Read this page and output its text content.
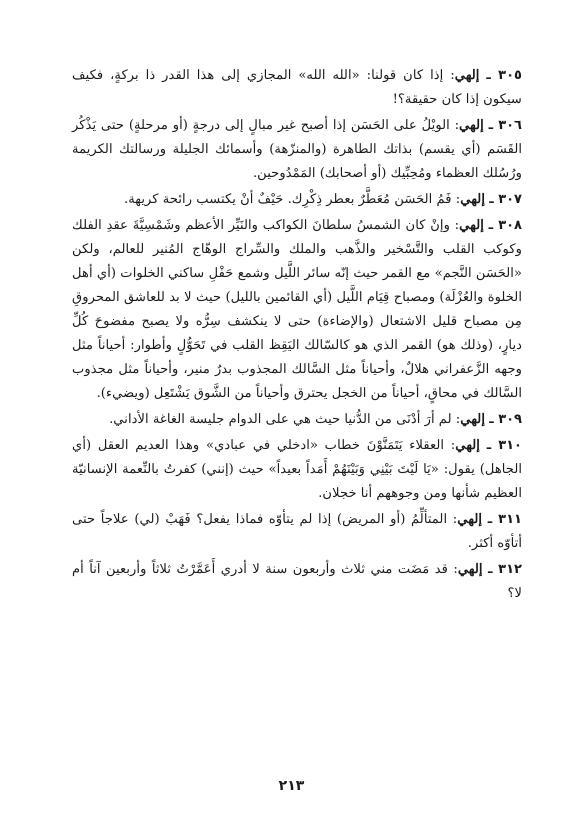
٣٠٥ ـ إلهي: إذا كان قولنا: «الله الله» المجازي إلى هذا القدر ذا بركةٍ، فكيف سيكون إذا كان حقيقة؟!

٣٠٦ ـ إلهي: الويْلُ على الحَسَن إذا أصبح غير مبالٍ إلى درجةٍ (أو مرحلةٍ) حتى يَذْكُر القَسَم (أي يقسم) بذاتك الطاهرة (والمنزّهة) وأسمائك الجليلة ورسالتك الكريمة ورُسُلك العظماء ومُحِبِّيك (أو أصحابك) المَمْدُوحين.

٣٠٧ ـ إلهي: فَمُ الحَسَن مُعَطَّرٌ بعطر ذِكْرِك. حَيْفٌ أنْ يكتسب رائحة كريهة.

٣٠٨ ـ إلهي: وإنْ كان الشمسُ سلطانَ الكواكب والنَيِّر الأعظم وشَمْسِيَّةَ عقدِ الفلك وكوكب القلب والتَّسْخير والذَّهب والملك والسِّراج الوهّاج المُنير للعالم، ولكن «الحَسَن النَّجم» مع القمر حيث إنّه سائر اللَّيل وشمع حَفْلِ ساكني الخلوات (أي أهل الخلوة والعُزْلَة) ومصباح قِيَام اللَّيل (أي القائمين بالليل) حيث لا بد للعاشق المحروقِ مِن مصباح قليل الاشتعال (والإضاءة) حتى لا ينكشف سِرُّه ولا يصبح مفضوحَ كُلِّ ديارٍ، (وذلك هو) القمر الذي هو كالسّالك اليَقِظ القلب في تَحَوُّلٍ وأطوار: أحياناً مثل وجهه الزَّعفراني هلالٌ، وأحياناً مثل السَّالك المجذوب بدرٌ منير، وأحياناً مثل مجذوب السَّالك في محاقٍ، أحياناً من الخجل يحترق وأحياناً من الشَّوق يَشْتَعِل (ويضيء).

٣٠٩ ـ إلهي: لم أرَ أدْنَى من الدُّنيا حيث هي على الدوام جليسة الغاغة الأداني.

٣١٠ ـ إلهي: العقلاء يَتَمَنَّوْنَ خطاب «ادخلي في عبادي» وهذا العديم العقل (أي الجاهل) يقول: «يَا لَيْتَ بَيْنِي وَبَيْنَهُمْ أَمَداً بعيداً» حيث (إنني) كفرتُ بالنِّعمة الإنسانيّة العظيم شأنها ومن وجوههم أنا خجلان.

٣١١ ـ إلهي: المتألِّمُ (أو المريض) إذا لم يتأوّه فماذا يفعل؟ فَهَبْ (لي) علاجاً حتى أتأوّه أكثر.

٣١٢ ـ إلهي: قد مَضَت مني ثلاث وأربعون سنة لا أدري أَعَمَّرْتُ ثلاثاً وأربعين آناً أم لا؟

٢١٣
